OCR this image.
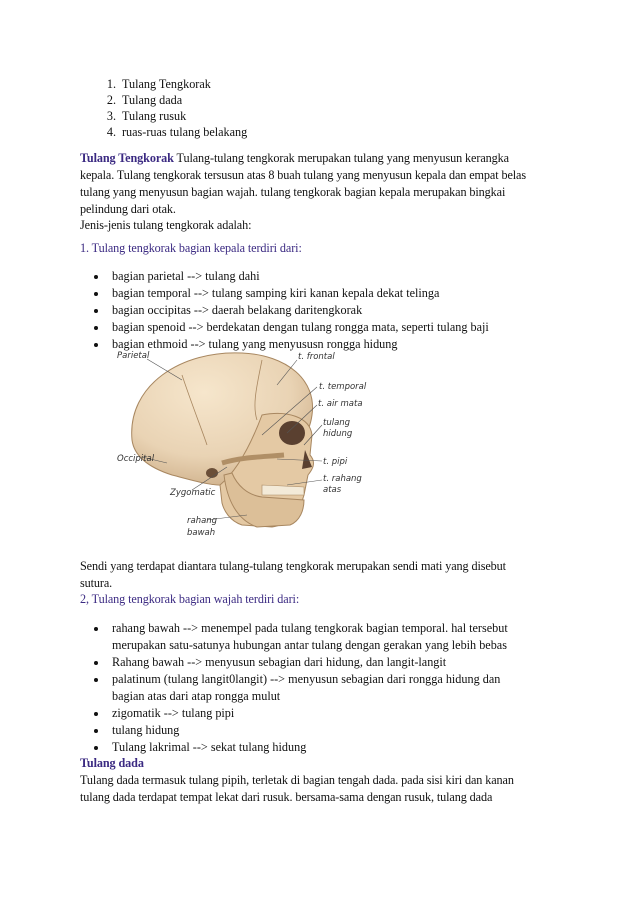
1. Tulang Tengkorak
2. Tulang dada
3. Tulang rusuk
4. ruas-ruas tulang belakang
Tulang Tengkorak Tulang-tulang tengkorak merupakan tulang yang menyusun kerangka
kepala. Tulang tengkorak tersusun atas 8 buah tulang yang menyusun kepala dan empat belas
tulang yang menyusun bagian wajah. tulang tengkorak bagian kepala merupakan bingkai
pelindung dari otak.
Jenis-jenis tulang tengkorak adalah:
1. Tulang tengkorak bagian kepala terdiri dari:
bagian parietal --> tulang dahi
bagian temporal --> tulang samping kiri kanan kepala dekat telinga
bagian occipitas --> daerah belakang daritengkorak
bagian spenoid --> berdekatan dengan tulang rongga mata, seperti tulang baji
bagian ethmoid --> tulang yang menyususn rongga hidung
Parietal	t. frontal
t. temporal
t. air mata
tulang
hidung
Occipital	t. pipi
t. rahang
atas
Zygomatic
rahang
bawah
Sendi yang terdapat diantara tulang-tulang tengkorak merupakan sendi mati yang disebut
sutura.
2, Tulang tengkorak bagian wajah terdiri dari:
rahang bawah --> menempel pada tulang tengkorak bagian temporal. hal tersebut
merupakan satu-satunya hubungan antar tulang dengan gerakan yang lebih bebas
Rahang bawah --> menyusun sebagian dari hidung, dan langit-langit
palatinum (tulang langit0langit) --> menyusun sebagian dari rongga hidung dan
bagian atas dari atap rongga mulut
zigomatik --> tulang pipi
tulang hidung
Tulang lakrimal --> sekat tulang hidung
Tulang dada
Tulang dada termasuk tulang pipih, terletak di bagian tengah dada. pada sisi kiri dan kanan
tulang dada terdapat tempat lekat dari rusuk. bersama-sama dengan rusuk, tulang dada
